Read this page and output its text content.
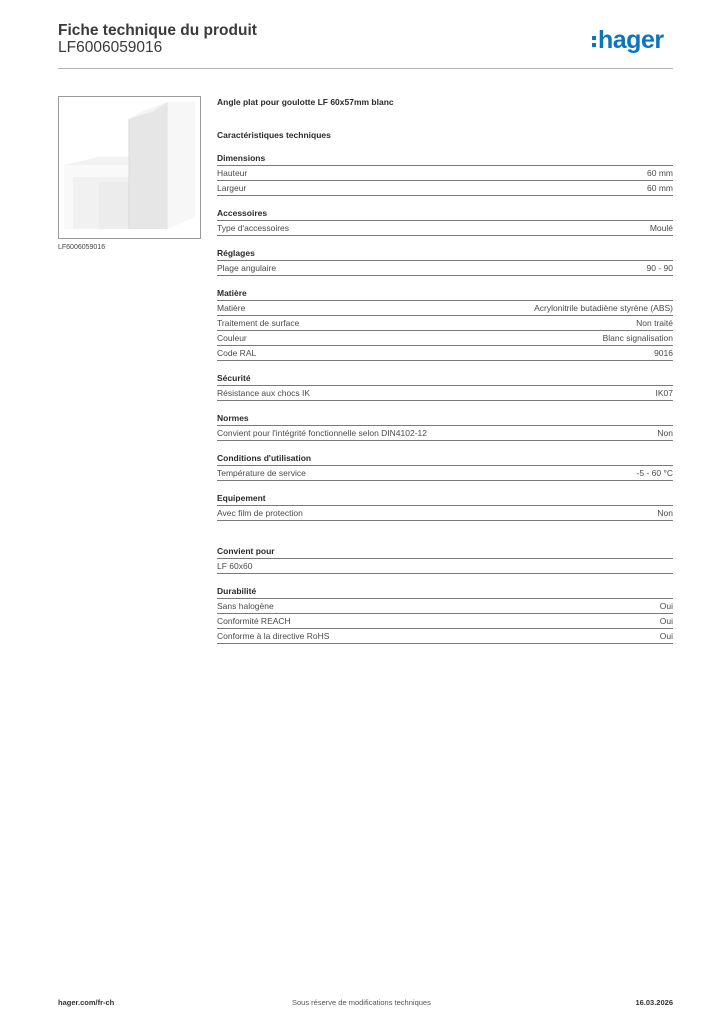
Fiche technique du produit
LF6006059016	hager
LF6006059016
Angle plat pour goulotte LF 60x57mm blanc
Caractéristiques techniques
Dimensions
Hauteur	60 mm
Largeur	60 mm
Accessoires
Type d'accessoires	Moulé
Réglages
Plage angulaire	90 - 90
Matière
Matière	Acrylonitrile butadiène styrène (ABS)
Traitement de surface	Non traité
Couleur	Blanc signalisation
Code RAL	9016
Sécurité
Résistance aux chocs IK	IK07
Normes
Convient pour l'intégrité fonctionnelle selon DIN4102-12	Non
Conditions d'utilisation
Température de service	-5 - 60 °C
Equipement
Avec film de protection	Non
Convient pour
LF 60x60
Durabilité
Sans halogène	Oui
Conformité REACH	Oui
Conforme à la directive RoHS	Oui
hager.com/fr-ch	Sous réserve de modifications techniques	16.03.2026
